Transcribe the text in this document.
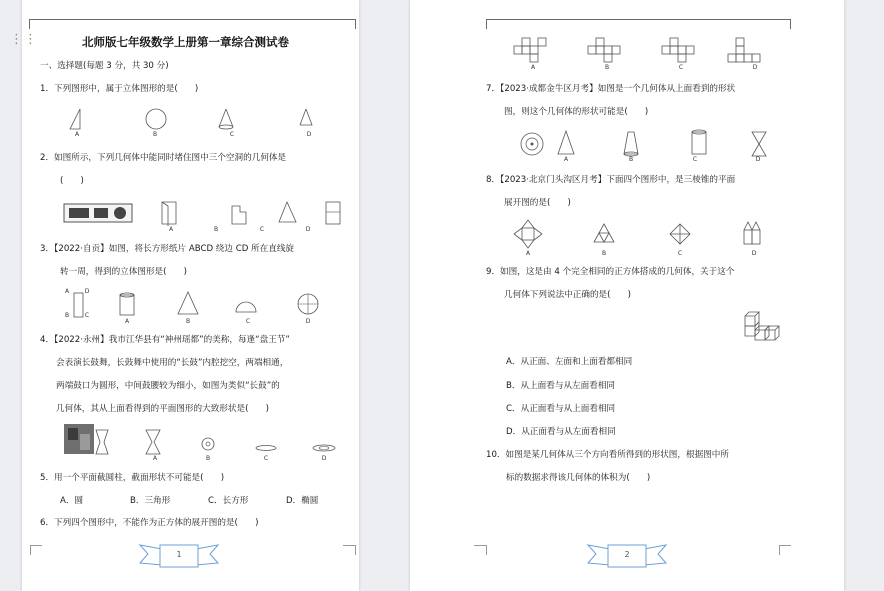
北师版七年级数学上册第一章综合测试卷
一、选择题(每题 3 分，共 30 分)
1．下列图形中，属于立体图形的是(　　)
A	B	C	D
2．如图所示，下列几何体中能同时堵住图中三个空洞的几何体是
(　　)
A	B	C	D
3．【2022·自贡】如图，将长方形纸片 ABCD 绕边 CD 所在直线旋
转一周，得到的立体图形是(　　)
A
B	C
D
A	B	C	D
4．【2022·永州】我市江华县有“神州瑶都”的美称，每逢“盘王节”
会表演长鼓舞，长鼓舞中使用的“长鼓”内腔挖空，两端相通，
两端鼓口为圆形，中间鼓腰较为细小，如图为类似“长鼓”的
几何体，其从上面看得到的平面图形的大致形状是(　　)
A	B	C	D
5．用一个平面截圆柱，截面形状不可能是(　　)
A．圆	B．三角形	C．长方形	D．椭圆
6．下列四个图形中，不能作为正方体的展开图的是(　　)
1
⋮⋮
A	B	C	D
7．【2023·成都金牛区月考】如图是一个几何体从上面看到的形状
图，则这个几何体的形状可能是(　　)
A	B	C	D
8．【2023·北京门头沟区月考】下面四个图形中，是三棱锥的平面
展开图的是(　　)
A	B	C	D
9．如图，这是由 4 个完全相同的正方体搭成的几何体，关于这个
几何体下列说法中正确的是(　　)
A．从正面、左面和上面看都相同
B．从上面看与从左面看相同
C．从正面看与从上面看相同
D．从正面看与从左面看相同
10．如图是某几何体从三个方向看所得到的形状图，根据图中所
标的数据求得该几何体的体积为(　　)
2
